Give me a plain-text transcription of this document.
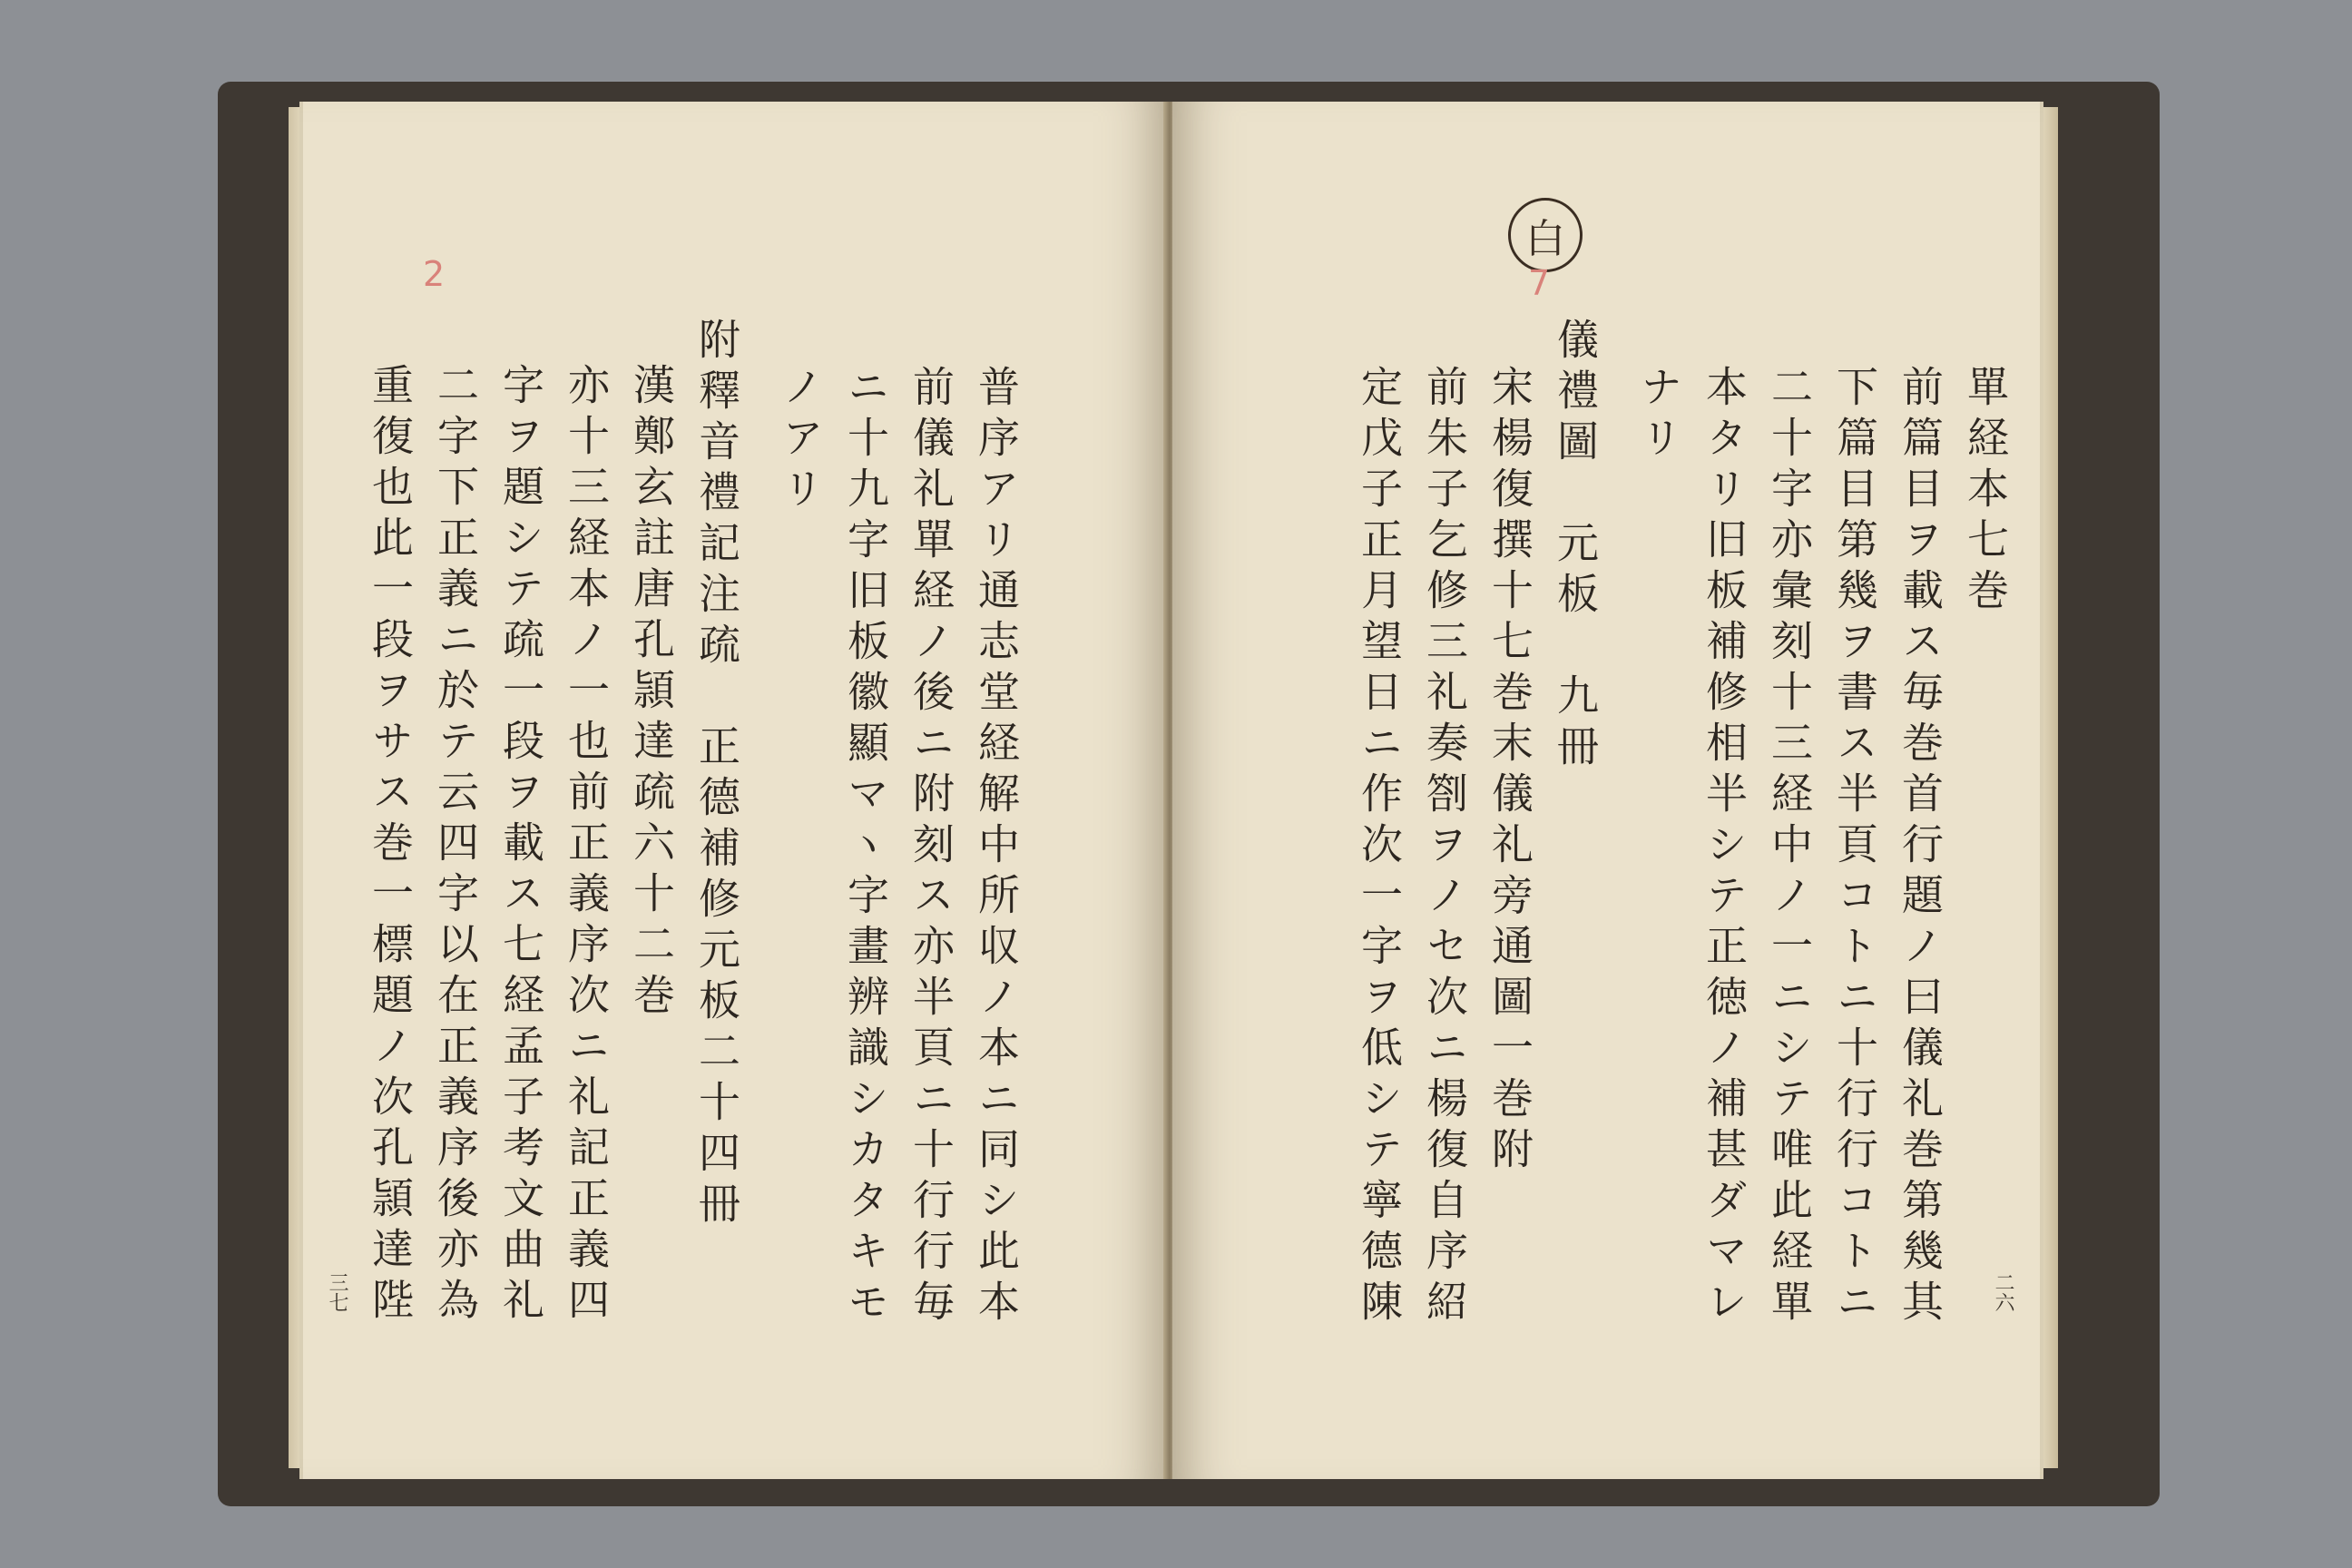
2
普序アリ通志堂経解中所収ノ本ニ同シ此本
前儀礼單経ノ後ニ附刻ス亦半頁ニ十行行毎
ニ十九字旧板徽顯マヽ字畫辨識シカタキモ
ノアリ
附釋音禮記注疏　正德補修元板二十四冊
漢鄭玄註唐孔頴達疏六十二巻
亦十三経本ノ一也前正義序次ニ礼記正義四
字ヲ題シテ疏一段ヲ載ス七経孟子考文曲礼
二字下正義ニ於テ云四字以在正義序後亦為
重復也此一段ヲサス巻一標題ノ次孔頴達陛
三七
白
7
單経本七巻
前篇目ヲ載ス毎巻首行題ノ曰儀礼巻第幾其
下篇目第幾ヲ書ス半頁コトニ十行行コトニ
二十字亦彙刻十三経中ノ一ニシテ唯此経單
本タリ旧板補修相半シテ正徳ノ補甚ダマレ
ナリ
儀禮圖　元板　九冊
宋楊復撰十七巻末儀礼旁通圖一巻附
前朱子乞修三礼奏劄ヲノセ次ニ楊復自序紹
定戊子正月望日ニ作次一字ヲ低シテ寧德陳	二六
